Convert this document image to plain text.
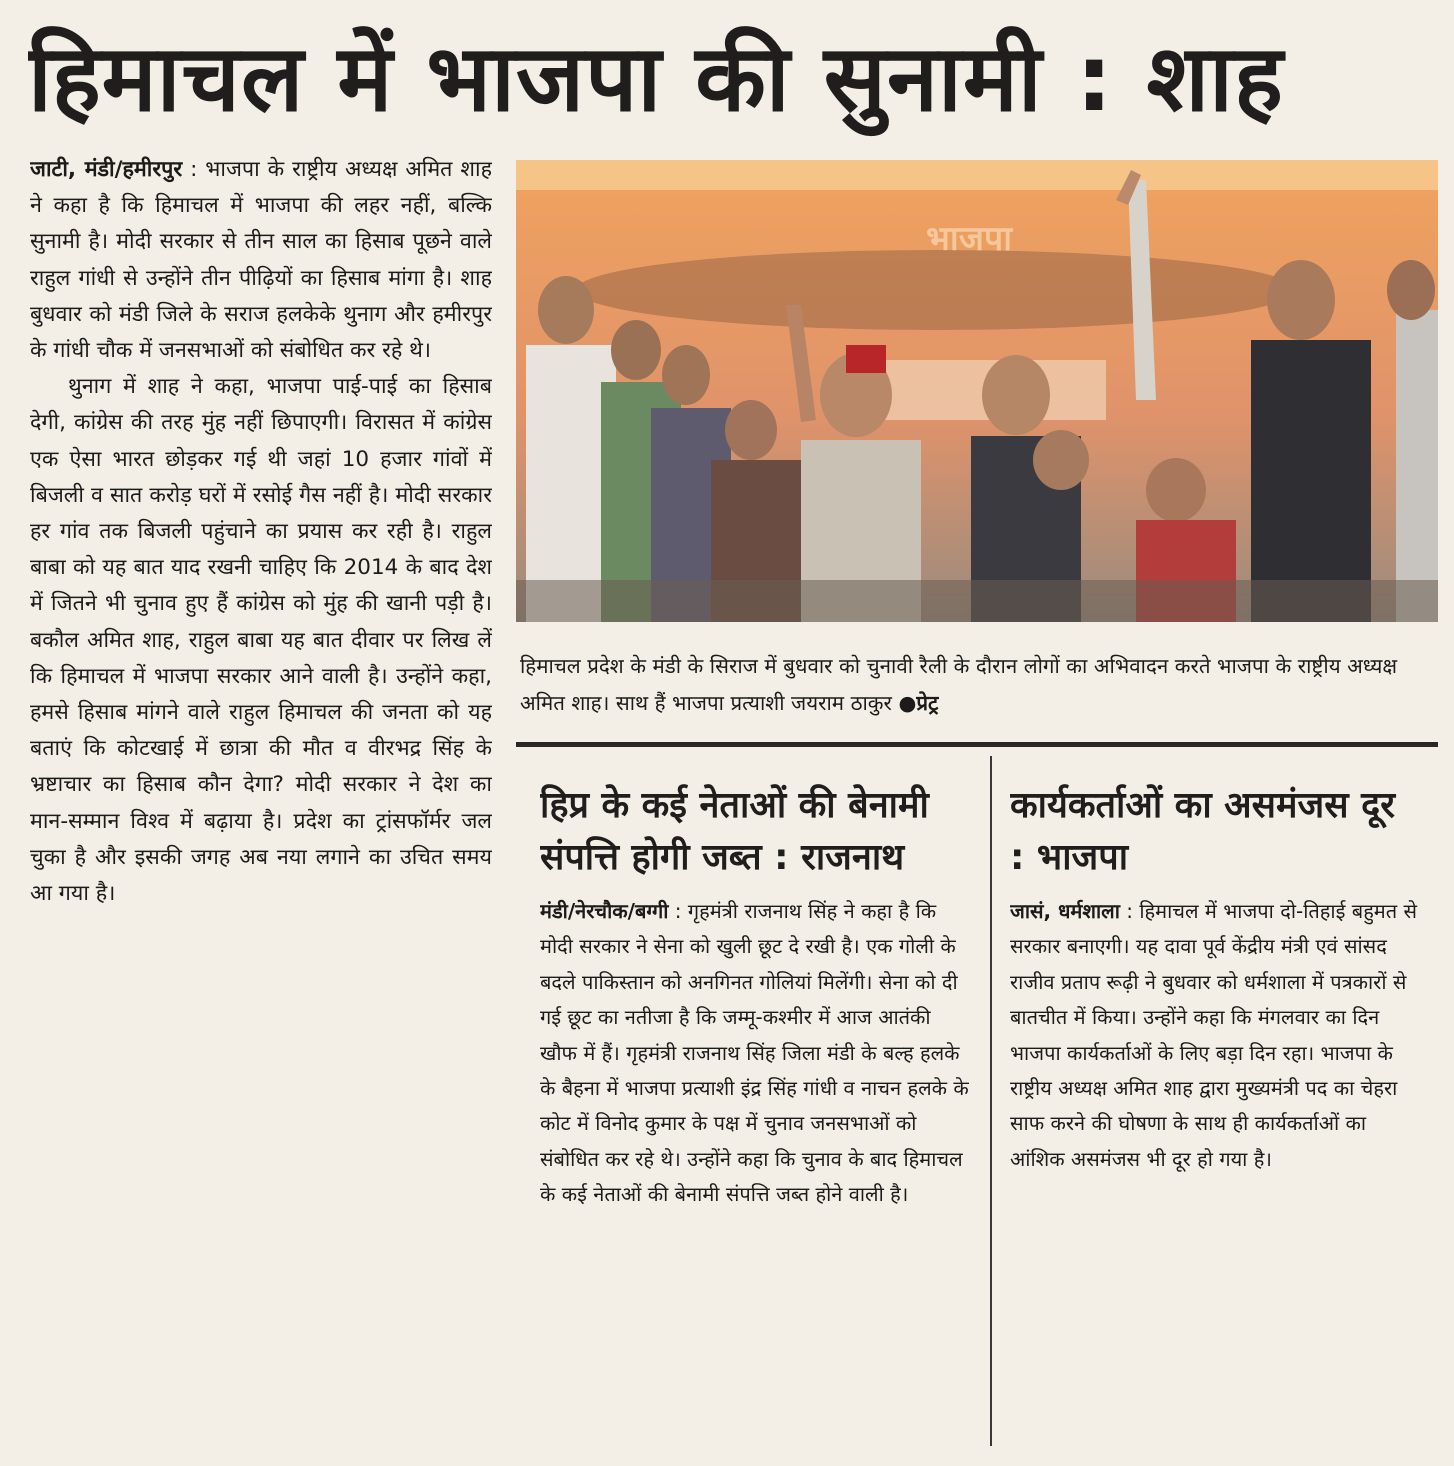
हिमाचल में भाजपा की सुनामी : शाह

जाटी, मंडी/हमीरपुर : भाजपा के राष्ट्रीय अध्यक्ष अमित शाह ने कहा है कि हिमाचल में भाजपा की लहर नहीं, बल्कि सुनामी है। मोदी सरकार से तीन साल का हिसाब पूछने वाले राहुल गांधी से उन्होंने तीन पीढ़ियों का हिसाब मांगा है। शाह बुधवार को मंडी जिले के सराज हलकेके थुनाग और हमीरपुर के गांधी चौक में जनसभाओं को संबोधित कर रहे थे।

थुनाग में शाह ने कहा, भाजपा पाई-पाई का हिसाब देगी, कांग्रेस की तरह मुंह नहीं छिपाएगी। विरासत में कांग्रेस एक ऐसा भारत छोड़कर गई थी जहां 10 हजार गांवों में बिजली व सात करोड़ घरों में रसोई गैस नहीं है। मोदी सरकार हर गांव तक बिजली पहुंचाने का प्रयास कर रही है। राहुल बाबा को यह बात याद रखनी चाहिए कि 2014 के बाद देश में जितने भी चुनाव हुए हैं कांग्रेस को मुंह की खानी पड़ी है। बकौल अमित शाह, राहुल बाबा यह बात दीवार पर लिख लें कि हिमाचल में भाजपा सरकार आने वाली है। उन्होंने कहा, हमसे हिसाब मांगने वाले राहुल हिमाचल की जनता को यह बताएं कि कोटखाई में छात्रा की मौत व वीरभद्र सिंह के भ्रष्टाचार का हिसाब कौन देगा? मोदी सरकार ने देश का मान-सम्मान विश्व में बढ़ाया है। प्रदेश का ट्रांसफॉर्मर जल चुका है और इसकी जगह अब नया लगाने का उचित समय आ गया है।

भाजपा
हिमाचल प्रदेश के मंडी के सिराज में बुधवार को चुनावी रैली के दौरान लोगों का अभिवादन करते भाजपा के राष्ट्रीय अध्यक्ष अमित शाह। साथ हैं भाजपा प्रत्याशी जयराम ठाकुर ●प्रेट्र
हिप्र के कई नेताओं की बेनामी संपत्ति होगी जब्त : राजनाथ
मंडी/नेरचौक/बग्गी : गृहमंत्री राजनाथ सिंह ने कहा है कि मोदी सरकार ने सेना को खुली छूट दे रखी है। एक गोली के बदले पाकिस्तान को अनगिनत गोलियां मिलेंगी। सेना को दी गई छूट का नतीजा है कि जम्मू-कश्मीर में आज आतंकी खौफ में हैं। गृहमंत्री राजनाथ सिंह जिला मंडी के बल्ह हलके के बैहना में भाजपा प्रत्याशी इंद्र सिंह गांधी व नाचन हलके के कोट में विनोद कुमार के पक्ष में चुनाव जनसभाओं को संबोधित कर रहे थे। उन्होंने कहा कि चुनाव के बाद हिमाचल के कई नेताओं की बेनामी संपत्ति जब्त होने वाली है।
कार्यकर्ताओं का असमंजस दूर : भाजपा
जासं, धर्मशाला : हिमाचल में भाजपा दो-तिहाई बहुमत से सरकार बनाएगी। यह दावा पूर्व केंद्रीय मंत्री एवं सांसद राजीव प्रताप रूढ़ी ने बुधवार को धर्मशाला में पत्रकारों से बातचीत में किया। उन्होंने कहा कि मंगलवार का दिन भाजपा कार्यकर्ताओं के लिए बड़ा दिन रहा। भाजपा के राष्ट्रीय अध्यक्ष अमित शाह द्वारा मुख्यमंत्री पद का चेहरा साफ करने की घोषणा के साथ ही कार्यकर्ताओं का आंशिक असमंजस भी दूर हो गया है।
